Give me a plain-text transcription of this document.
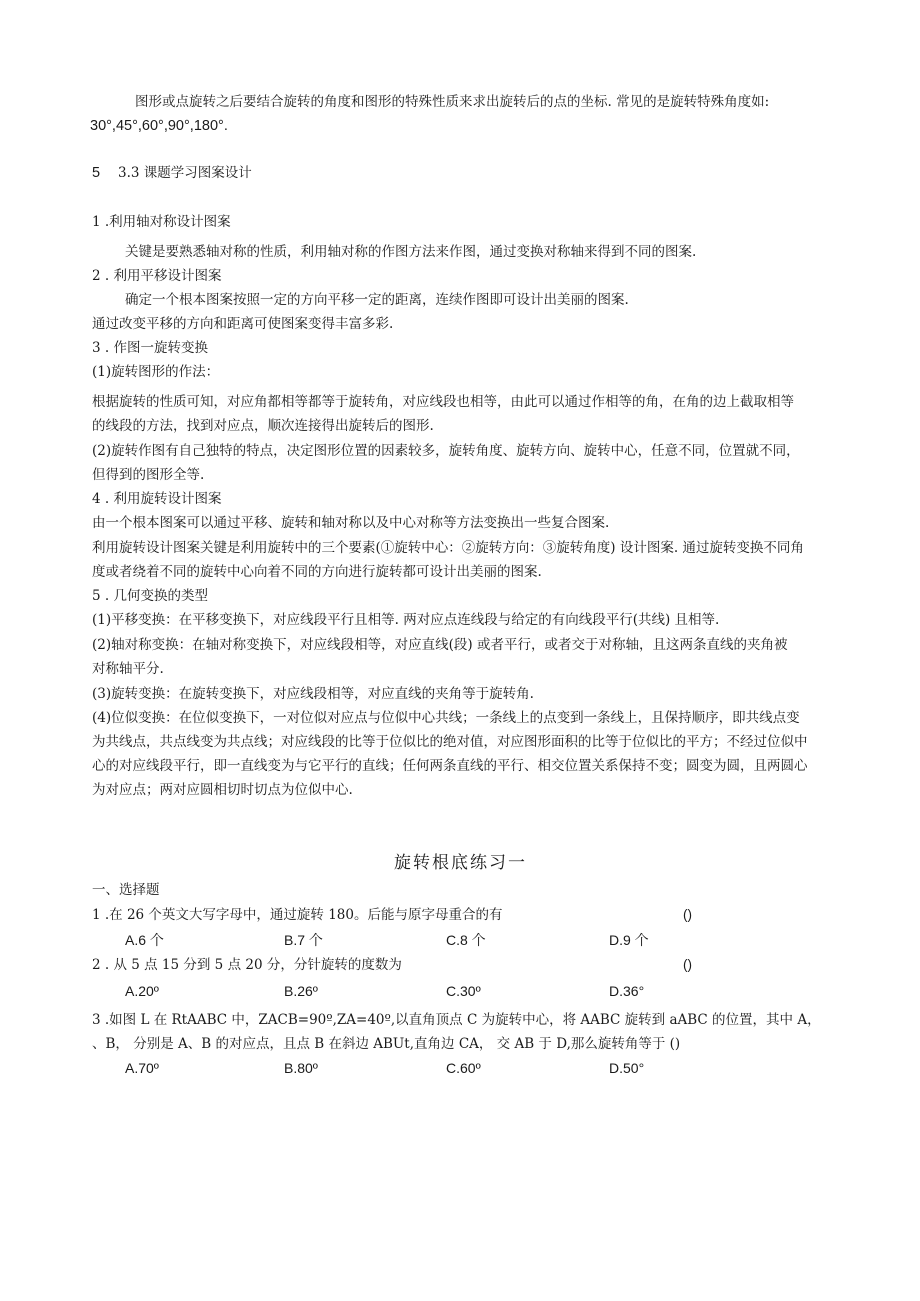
图形或点旋转之后要结合旋转的角度和图形的特殊性质来求出旋转后的点的坐标. 常见的是旋转特殊角度如:
30°,45°,60°,90°,180°.
5 3.3 课题学习图案设计
1 .利用轴对称设计图案
关键是要熟悉轴对称的性质，利用轴对称的作图方法来作图，通过变换对称轴来得到不同的图案.
2 . 利用平移设计图案
确定一个根本图案按照一定的方向平移一定的距离，连续作图即可设计出美丽的图案.
通过改变平移的方向和距离可使图案变得丰富多彩.
3 . 作图一旋转变换
(1)旋转图形的作法：
根据旋转的性质可知，对应角都相等都等于旋转角，对应线段也相等，由此可以通过作相等的角，在角的边上截取相等
的线段的方法，找到对应点，顺次连接得出旋转后的图形.
(2)旋转作图有自己独特的特点，决定图形位置的因素较多，旋转角度、旋转方向、旋转中心，任意不同，位置就不同，
但得到的图形全等.
4 . 利用旋转设计图案
由一个根本图案可以通过平移、旋转和轴对称以及中心对称等方法变换出一些复合图案.
利用旋转设计图案关键是利用旋转中的三个要素(①旋转中心：②旋转方向：③旋转角度) 设计图案. 通过旋转变换不同角
度或者绕着不同的旋转中心向着不同的方向进行旋转都可设计出美丽的图案.
5 . 几何变换的类型
(1)平移变换：在平移变换下，对应线段平行且相等. 两对应点连线段与给定的有向线段平行(共线) 且相等.
(2)轴对称变换：在轴对称变换下，对应线段相等，对应直线(段) 或者平行，或者交于对称轴，且这两条直线的夹角被
对称轴平分.
(3)旋转变换：在旋转变换下，对应线段相等，对应直线的夹角等于旋转角.
(4)位似变换：在位似变换下，一对位似对应点与位似中心共线；一条线上的点变到一条线上，且保持顺序，即共线点变
为共线点，共点线变为共点线；对应线段的比等于位似比的绝对值，对应图形面积的比等于位似比的平方；不经过位似中
心的对应线段平行，即一直线变为与它平行的直线；任何两条直线的平行、相交位置关系保持不变；圆变为圆，且两圆心
为对应点；两对应圆相切时切点为位似中心.
旋转根底练习一
一、选择题
1 .在 26 个英文大写字母中，通过旋转 180。后能与原字母重合的有	()
A.6 个	B.7 个	C.8 个	D.9 个
2 . 从 5 点 15 分到 5 点 20 分，分针旋转的度数为	()
A.20º	B.26º	C.30º	D.36°
3 .如图 L 在 RtAABC 中，ZACB=90º,ZA=40º,以直角顶点 C 为旋转中心，将 AABC 旋转到 aABC 的位置，其中 A，
、B， 分别是 A、B 的对应点，且点 B 在斜边 ABUt,直角边 CA， 交 AB 于 D,那么旋转角等于 ()
A.70º	B.80º	C.60º	D.50°
